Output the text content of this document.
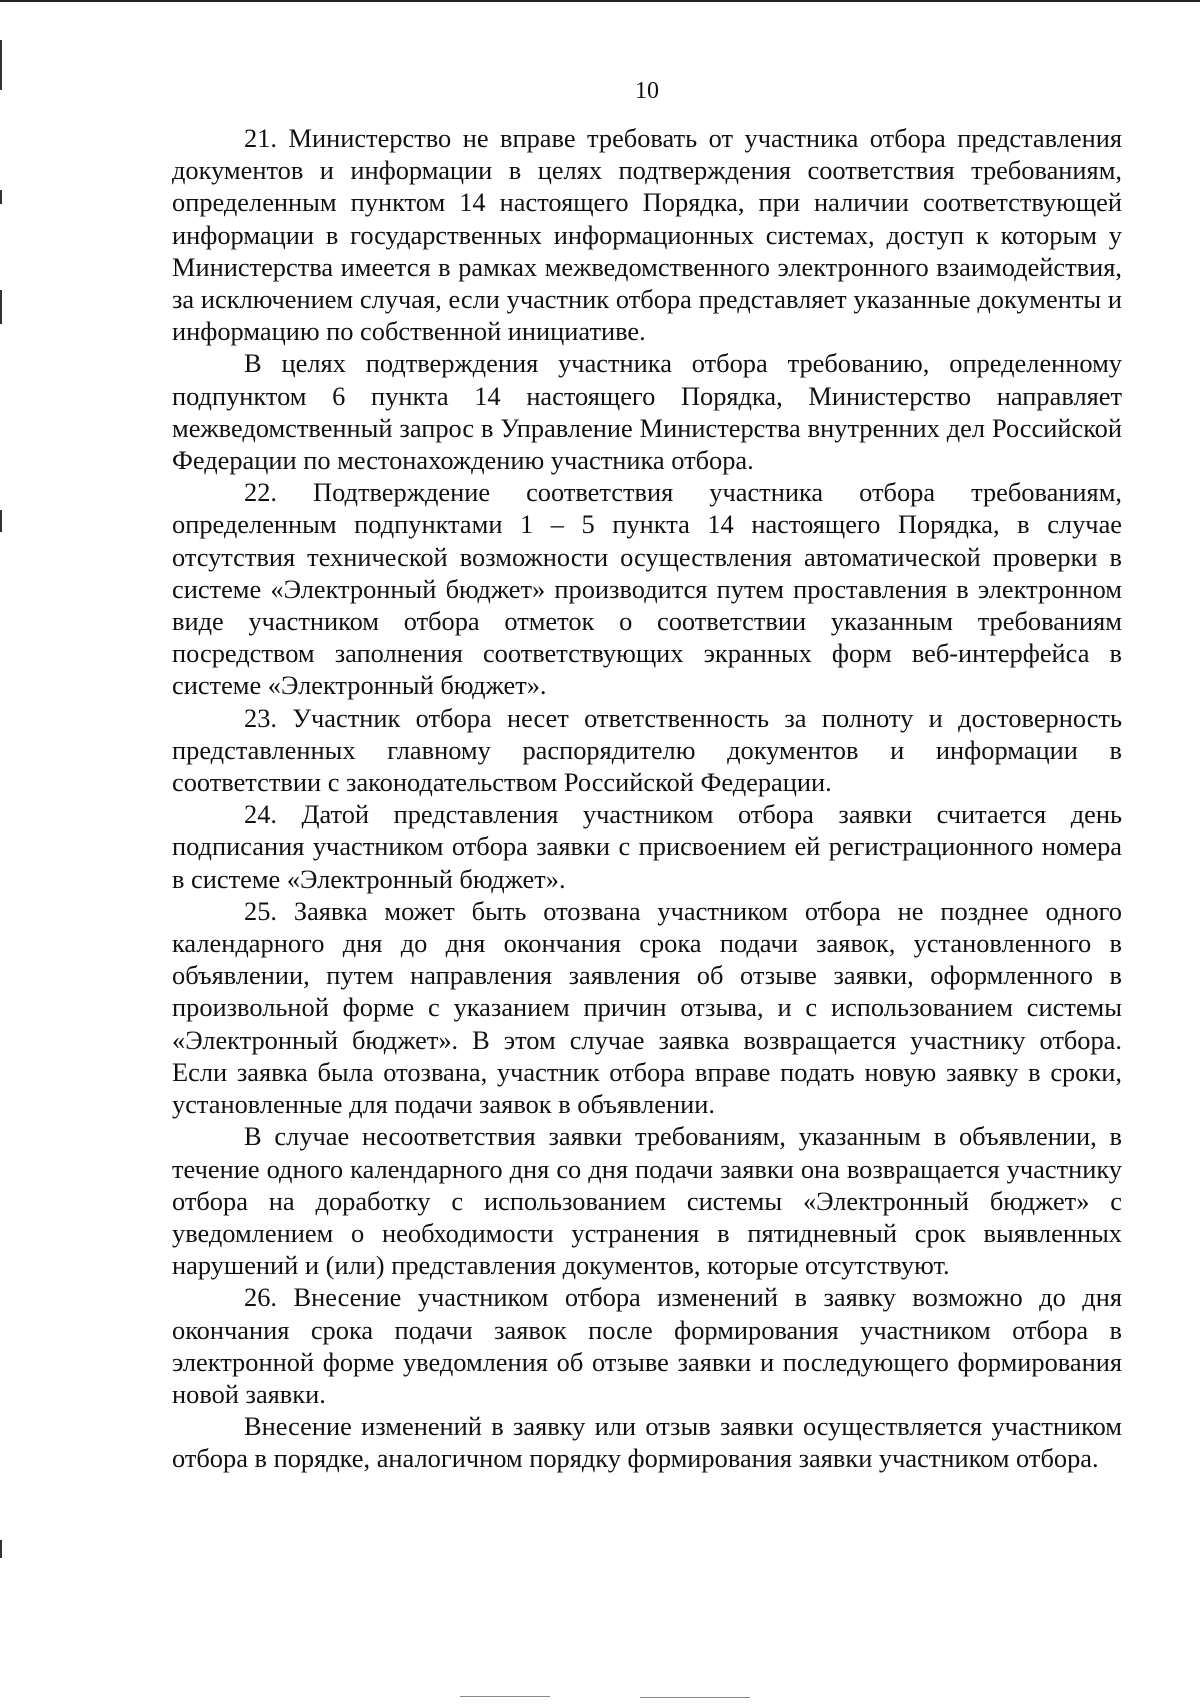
10

21. Министерство не вправе требовать от участника отбора представления документов и информации в целях подтверждения соответствия требованиям, определенным пунктом 14 настоящего Порядка, при наличии соответствующей информации в государственных информационных системах, доступ к которым у Министерства имеется в рамках межведомственного электронного взаимодействия, за исключением случая, если участник отбора представляет указанные документы и информацию по собственной инициативе.

В целях подтверждения участника отбора требованию, определенному подпунктом 6 пункта 14 настоящего Порядка, Министерство направляет межведомственный запрос в Управление Министерства внутренних дел Российской Федерации по местонахождению участника отбора.

22. Подтверждение соответствия участника отбора требованиям, определенным подпунктами 1 – 5 пункта 14 настоящего Порядка, в случае отсутствия технической возможности осуществления автоматической проверки в системе «Электронный бюджет» производится путем проставления в электронном виде участником отбора отметок о соответствии указанным требованиям посредством заполнения соответствующих экранных форм веб-интерфейса в системе «Электронный бюджет».

23. Участник отбора несет ответственность за полноту и достоверность представленных главному распорядителю документов и информации в соответствии с законодательством Российской Федерации.

24. Датой представления участником отбора заявки считается день подписания участником отбора заявки с присвоением ей регистрационного номера в системе «Электронный бюджет».

25. Заявка может быть отозвана участником отбора не позднее одного календарного дня до дня окончания срока подачи заявок, установленного в объявлении, путем направления заявления об отзыве заявки, оформленного в произвольной форме с указанием причин отзыва, и с использованием системы «Электронный бюджет». В этом случае заявка возвращается участнику отбора. Если заявка была отозвана, участник отбора вправе подать новую заявку в сроки, установленные для подачи заявок в объявлении.

В случае несоответствия заявки требованиям, указанным в объявлении, в течение одного календарного дня со дня подачи заявки она возвращается участнику отбора на доработку с использованием системы «Электронный бюджет» с уведомлением о необходимости устранения в пятидневный срок выявленных нарушений и (или) представления документов, которые отсутствуют.

26. Внесение участником отбора изменений в заявку возможно до дня окончания срока подачи заявок после формирования участником отбора в электронной форме уведомления об отзыве заявки и последующего формирования новой заявки.

Внесение изменений в заявку или отзыв заявки осуществляется участником отбора в порядке, аналогичном порядку формирования заявки участником отбора.
